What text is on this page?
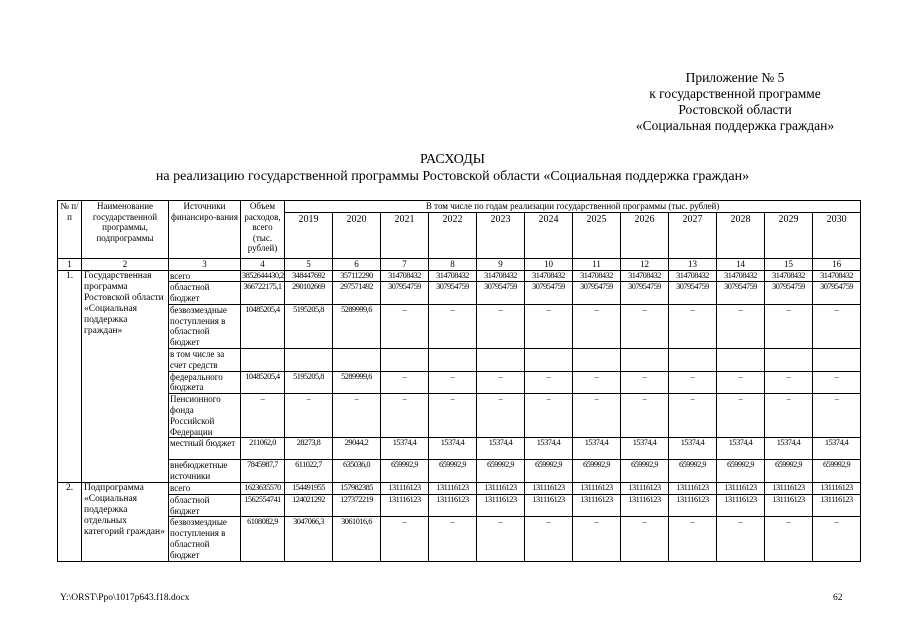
Приложение № 5
к государственной программе
Ростовской области
«Социальная поддержка граждан»
РАСХОДЫ
на реализацию государственной программы Ростовской области «Социальная поддержка граждан»
№ п/п	Наименование государственной программы, подпрограммы	Источники финансиро-вания	Объем расходов, всего (тыс. рублей)	В том числе по годам реализации государственной программы (тыс. рублей)											
				2019	2020	2021	2022	2023	2024	2025	2026	2027	2028	2029	2030
1	2	3	4	5	6	7	8	9	10	11	12	13	14	15	16
1.	Государственная программа Ростовской области «Социальная поддержка граждан»	всего	3852644430,2	348447692	357112290	314708432	314708432	314708432	314708432	314708432	314708432	314708432	314708432	314708432	314708432
		областной бюджет	366722175,1	290102669	297571492	307954759	307954759	307954759	307954759	307954759	307954759	307954759	307954759	307954759	307954759
		безвозмездные поступления в областной бюджет	10485205,4	5195205,8	5289999,6	–	–	–	–	–	–	–	–	–	–
		в том числе за счет средств													
		федерального бюджета	10485205,4	5195205,8	5289999,6	–	–	–	–	–	–	–	–	–	–
		Пенсионного фонда Российской Федерации	–	–	–	–	–	–	–	–	–	–	–	–	–
		местный бюджет	211062,0	28273,8	29044,2	15374,4	15374,4	15374,4	15374,4	15374,4	15374,4	15374,4	15374,4	15374,4	15374,4
		внебюджетные источники	7845987,7	611022,7	635036,0	659992,9	659992,9	659992,9	659992,9	659992,9	659992,9	659992,9	659992,9	659992,9	659992,9
2.	Подпрограмма «Социальная поддержка отдельных категорий граждан»	всего	1623635570	154491955	157982385	131116123	131116123	131116123	131116123	131116123	131116123	131116123	131116123	131116123	131116123
		областной бюджет	1562554741	124021292	127372219	131116123	131116123	131116123	131116123	131116123	131116123	131116123	131116123	131116123	131116123
		безвозмездные поступления в областной бюджет	6108082,9	3047066,3	3061016,6	–	–	–	–	–	–	–	–	–	–
Y:\ORST\Ppo\1017p643.f18.docx	62
